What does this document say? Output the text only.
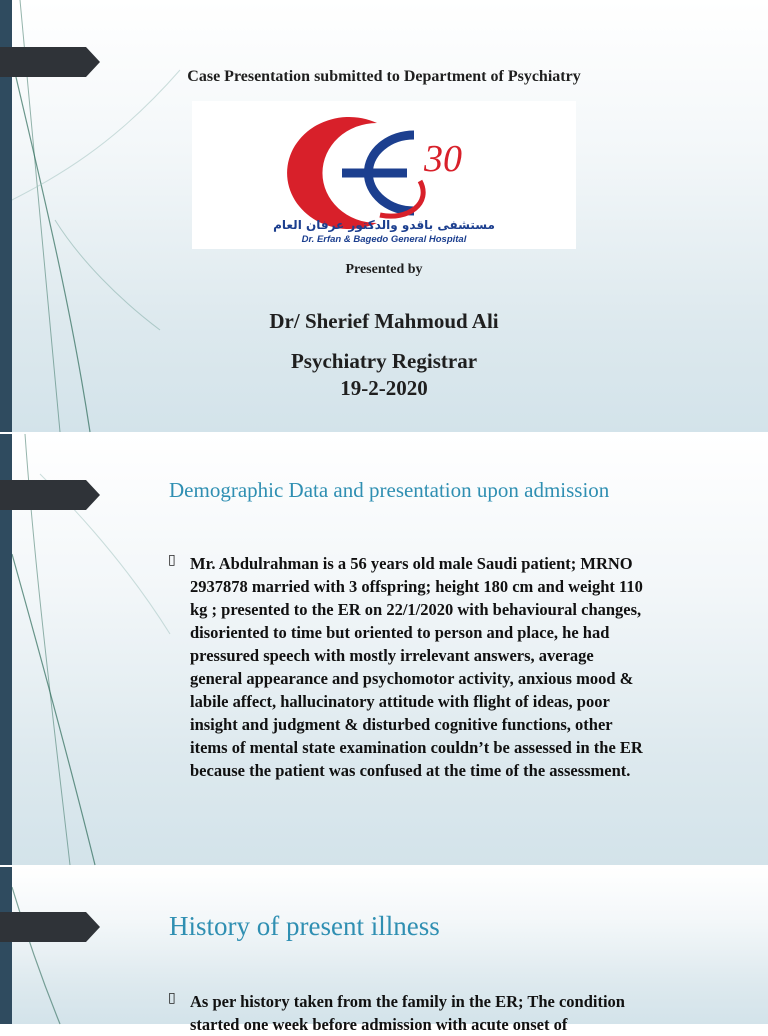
Case Presentation submitted to Department of Psychiatry
30
مستشفى باقدو والدكتور عرفان العام
Dr. Erfan & Bagedo General Hospital
Presented by
Dr/ Sherief Mahmoud Ali
Psychiatry Registrar
19-2-2020
Demographic Data and presentation upon admission
▯ Mr. Abdulrahman is a 56 years old male Saudi patient; MRNO
2937878 married with 3 offspring; height 180 cm and weight 110
kg ; presented to the ER on 22/1/2020 with behavioural changes,
disoriented to time but oriented to person and place, he had
pressured speech with mostly irrelevant answers, average
general appearance and psychomotor activity, anxious mood &
labile affect, hallucinatory attitude with flight of ideas, poor
insight and judgment & disturbed cognitive functions, other
items of mental state examination couldn’t be assessed in the ER
because the patient was confused at the time of the assessment.
History of present illness
▯ As per history taken from the family in the ER; The condition
started one week before admission with acute onset of
